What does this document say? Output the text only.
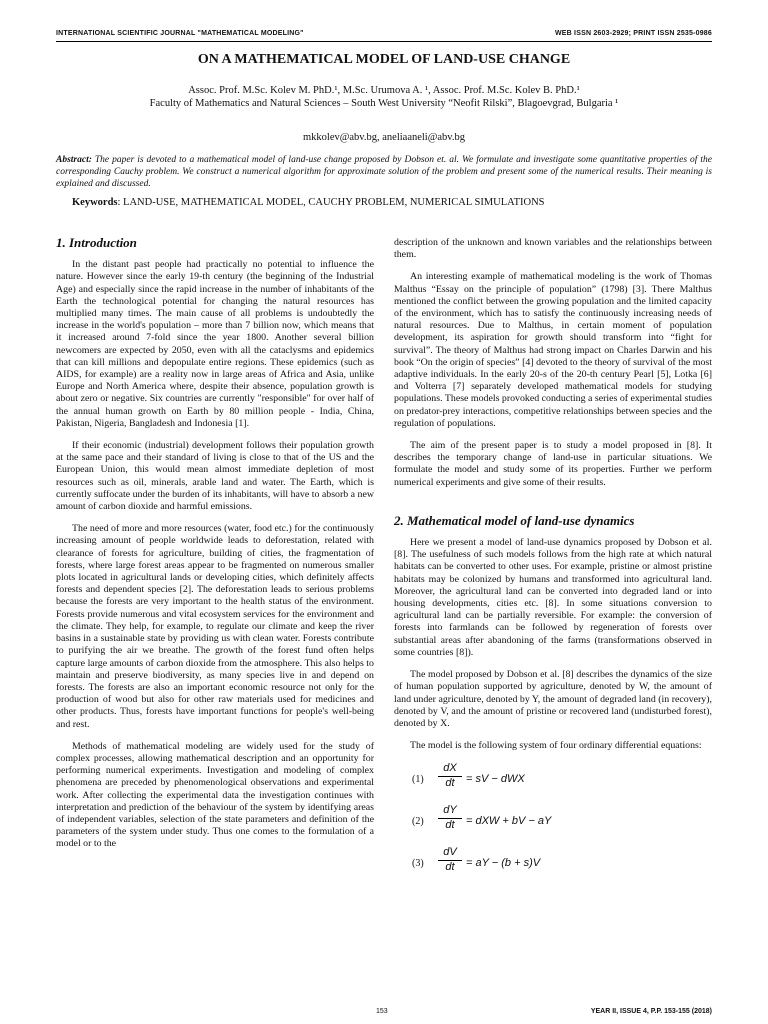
INTERNATIONAL SCIENTIFIC JOURNAL "MATHEMATICAL MODELING"	WEB ISSN 2603-2929; PRINT ISSN 2535-0986
ON A MATHEMATICAL MODEL OF LAND-USE CHANGE
Assoc. Prof. M.Sc. Kolev M. PhD.¹, M.Sc. Urumova A. ¹, Assoc. Prof. M.Sc. Kolev B. PhD.¹
Faculty of Mathematics and Natural Sciences – South West University “Neofit Rilski”, Blagoevgrad, Bulgaria ¹
mkkolev@abv.bg, aneliaaneli@abv.bg
Abstract: The paper is devoted to a mathematical model of land-use change proposed by Dobson et. al. We formulate and investigate some quantitative properties of the corresponding Cauchy problem. We construct a numerical algorithm for approximate solution of the problem and present some of the numerical results. Their meaning is explained and discussed.
Keywords: LAND-USE, MATHEMATICAL MODEL, CAUCHY PROBLEM, NUMERICAL SIMULATIONS
1. Introduction

In the distant past people had practically no potential to influence the nature. However since the early 19-th century (the beginning of the Industrial Age) and especially since the rapid increase in the number of inhabitants of the Earth the technological potential for changing the natural resources has multiplied many times. The main cause of all problems is undoubtedly the increase in the world's population – more than 7 billion now, which means that it increased around 7-fold since the year 1800. Another several billion newcomers are expected by 2050, even with all the cataclysms and epidemics that can kill millions and depopulate entire regions. These epidemics (such as AIDS, for example) are a reality now in large areas of Africa and Asia, unlike Europe and North America where, despite their absence, population growth is about zero or negative. Six countries are currently "responsible" for over half of the annual human growth on Earth by 80 million people - India, China, Pakistan, Nigeria, Bangladesh and Indonesia [1].

If their economic (industrial) development follows their population growth at the same pace and their standard of living is close to that of the US and the European Union, this would mean almost immediate depletion of most resources such as oil, minerals, arable land and water. The Earth, which is currently suffocate under the burden of its inhabitants, will have to absorb a new amount of carbon dioxide and harmful emissions.

The need of more and more resources (water, food etc.) for the continuously increasing amount of people worldwide leads to deforestation, related with clearance of forests for agriculture, building of cities, the fragmentation of forests, where large forest areas appear to be fragmented on numerous smaller plots located in agricultural lands or developing cities, which definitely affects forests and dependent species [2]. The deforestation leads to serious problems because the forests are very important to the health status of the environment. Forests provide numerous and vital ecosystem services for the environment and the climate. They help, for example, to regulate our climate and keep the river basins in a sustainable state by providing us with clean water. Forests contribute to purifying the air we breathe. The growth of the forest fund often helps capture large amounts of carbon dioxide from the atmosphere. This also helps to maintain and preserve biodiversity, as many species live in and depend on forests. The forests are also an important economic resource not only for the production of wood but also for other raw materials used for medicines and other products. Thus, forests have important functions for people's well-being and rest.

Methods of mathematical modeling are widely used for the study of complex processes, allowing mathematical description and an opportunity for performing numerical experiments. Investigation and modeling of complex phenomena are preceded by phenomenological observations and experimental work. After collecting the experimental data the investigation continues with interpretation and prediction of the behaviour of the system by identifying areas of independent variables, selection of the state parameters and definition of the parameters of the system under study. Thus one comes to the formulation of a model or to the

description of the unknown and known variables and the relationships between them.

An interesting example of mathematical modeling is the work of Thomas Malthus “Essay on the principle of population” (1798) [3]. There Malthus mentioned the conflict between the growing population and the limited capacity of the environment, which has to satisfy the continuously increasing needs of natural resources. Due to Malthus, in certain moment of population development, its aspiration for growth should transform into “fight for survival”. The theory of Malthus had strong impact on Charles Darwin and his book “On the origin of species” [4] devoted to the theory of survival of the most adaptive individuals. In the early 20-s of the 20-th century Pearl [5], Lotka [6] and Volterra [7] separately developed mathematical models for studying populations. These models provoked conducting a series of experimental studies on predator-prey interactions, competitive relationships between species and the regulation of populations.

The aim of the present paper is to study a model proposed in [8]. It describes the temporary change of land-use in particular situations. We formulate the model and study some of its properties. Further we perform numerical experiments and give some of their results.

2. Mathematical model of land-use dynamics

Here we present a model of land-use dynamics proposed by Dobson et al. [8]. The usefulness of such models follows from the high rate at which natural habitats can be converted to other uses. For example, pristine or almost pristine habitats may be colonized by humans and transformed into agricultural land. Moreover, the agricultural land can be converted into degraded land or into housing developments, cities etc. [8]. In some situations conversion to agricultural land can be partially reversible. For example: the conversion of forests into farmlands can be followed by regeneration of forests over substantial areas after abandoning of the farms (transformations observed in some countries [8]).

The model proposed by Dobson et al. [8] describes the dynamics of the size of human population supported by agriculture, denoted by W, the amount of land under agriculture, denoted by Y, the amount of degraded land (in recovery), denoted by V, and the amount of pristine or recovered land (undisturbed forest), denoted by X.

The model is the following system of four ordinary differential equations:

$(1) \frac{dX}{dt}$ = sV − dWX
$(2) \frac{dY}{dt}$ = dXW + bV − aY
$(3) \frac{dV}{dt}$ = aY − (b + s)V
153	YEAR II, ISSUE 4, P.P. 153-155 (2018)
